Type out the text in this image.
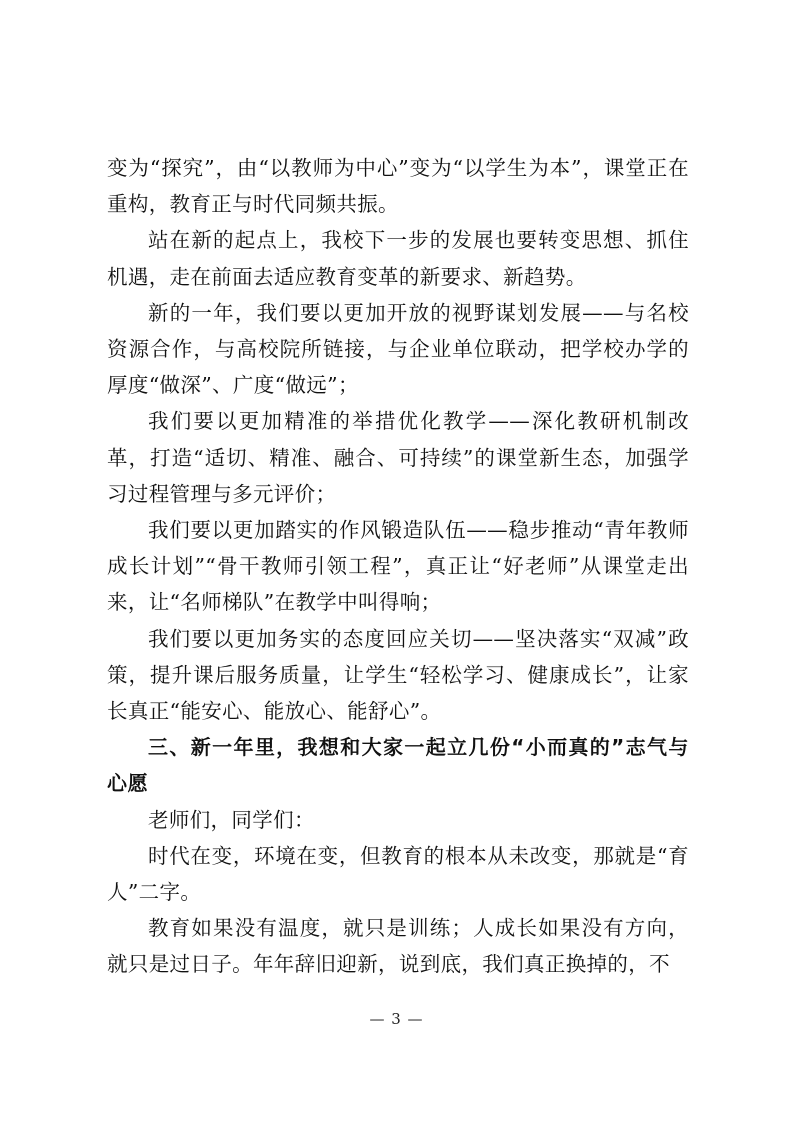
变为“探究”，由“以教师为中心”变为“以学生为本”，课堂正在重构，教育正与时代同频共振。

站在新的起点上，我校下一步的发展也要转变思想、抓住机遇，走在前面去适应教育变革的新要求、新趋势。

新的一年，我们要以更加开放的视野谋划发展——与名校资源合作，与高校院所链接，与企业单位联动，把学校办学的厚度“做深”、广度“做远”；

我们要以更加精准的举措优化教学——深化教研机制改革，打造“适切、精准、融合、可持续”的课堂新生态，加强学习过程管理与多元评价；

我们要以更加踏实的作风锻造队伍——稳步推动“青年教师成长计划”“骨干教师引领工程”，真正让“好老师”从课堂走出来，让“名师梯队”在教学中叫得响；

我们要以更加务实的态度回应关切——坚决落实“双减”政策，提升课后服务质量，让学生“轻松学习、健康成长”，让家长真正“能安心、能放心、能舒心”。

三、新一年里，我想和大家一起立几份“小而真的”志气与心愿

老师们，同学们：

时代在变，环境在变，但教育的根本从未改变，那就是“育人”二字。

教育如果没有温度，就只是训练；人成长如果没有方向，就只是过日子。年年辞旧迎新，说到底，我们真正换掉的，不

— 3 —
